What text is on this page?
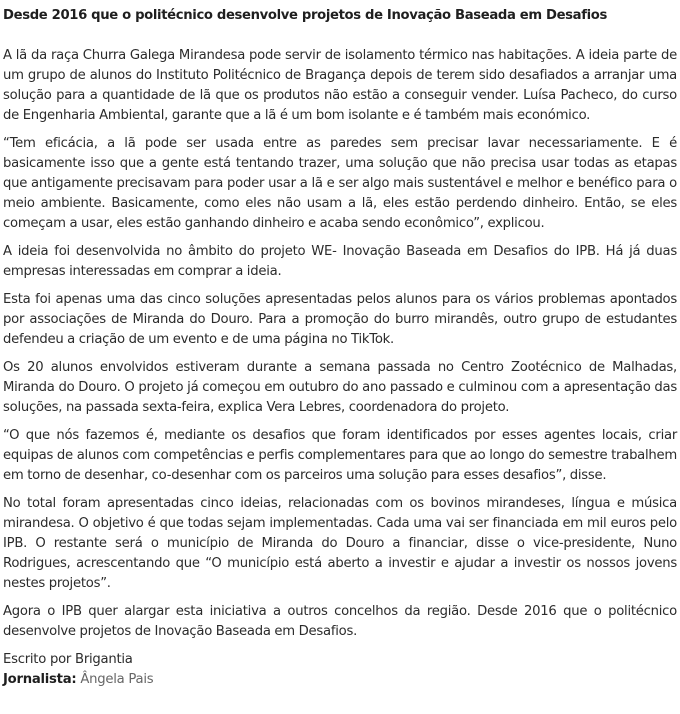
Desde 2016 que o politécnico desenvolve projetos de Inovação Baseada em Desafios

A lã da raça Churra Galega Mirandesa pode servir de isolamento térmico nas habitações. A ideia parte de um grupo de alunos do Instituto Politécnico de Bragança depois de terem sido desafiados a arranjar uma solução para a quantidade de lã que os produtos não estão a conseguir vender. Luísa Pacheco, do curso de Engenharia Ambiental, garante que a lã é um bom isolante e é também mais económico.

“Tem eficácia, a lã pode ser usada entre as paredes sem precisar lavar necessariamente. E é basicamente isso que a gente está tentando trazer, uma solução que não precisa usar todas as etapas que antigamente precisavam para poder usar a lã e ser algo mais sustentável e melhor e benéfico para o meio ambiente. Basicamente, como eles não usam a lã, eles estão perdendo dinheiro. Então, se eles começam a usar, eles estão ganhando dinheiro e acaba sendo econômico”, explicou.

A ideia foi desenvolvida no âmbito do projeto WE- Inovação Baseada em Desafios do IPB. Há já duas empresas interessadas em comprar a ideia.

Esta foi apenas uma das cinco soluções apresentadas pelos alunos para os vários problemas apontados por associações de Miranda do Douro. Para a promoção do burro mirandês, outro grupo de estudantes defendeu a criação de um evento e de uma página no TikTok.

Os 20 alunos envolvidos estiveram durante a semana passada no Centro Zootécnico de Malhadas, Miranda do Douro. O projeto já começou em outubro do ano passado e culminou com a apresentação das soluções, na passada sexta-feira, explica Vera Lebres, coordenadora do projeto.

“O que nós fazemos é, mediante os desafios que foram identificados por esses agentes locais, criar equipas de alunos com competências e perfis complementares para que ao longo do semestre trabalhem em torno de desenhar, co-desenhar com os parceiros uma solução para esses desafios”, disse.

No total foram apresentadas cinco ideias, relacionadas com os bovinos mirandeses, língua e música mirandesa. O objetivo é que todas sejam implementadas. Cada uma vai ser financiada em mil euros pelo IPB. O restante será o município de Miranda do Douro a financiar, disse o vice-presidente, Nuno Rodrigues, acrescentando que “O município está aberto a investir e ajudar a investir os nossos jovens nestes projetos”.

Agora o IPB quer alargar esta iniciativa a outros concelhos da região. Desde 2016 que o politécnico desenvolve projetos de Inovação Baseada em Desafios.

Escrito por Brigantia
Jornalista: Ângela Pais
